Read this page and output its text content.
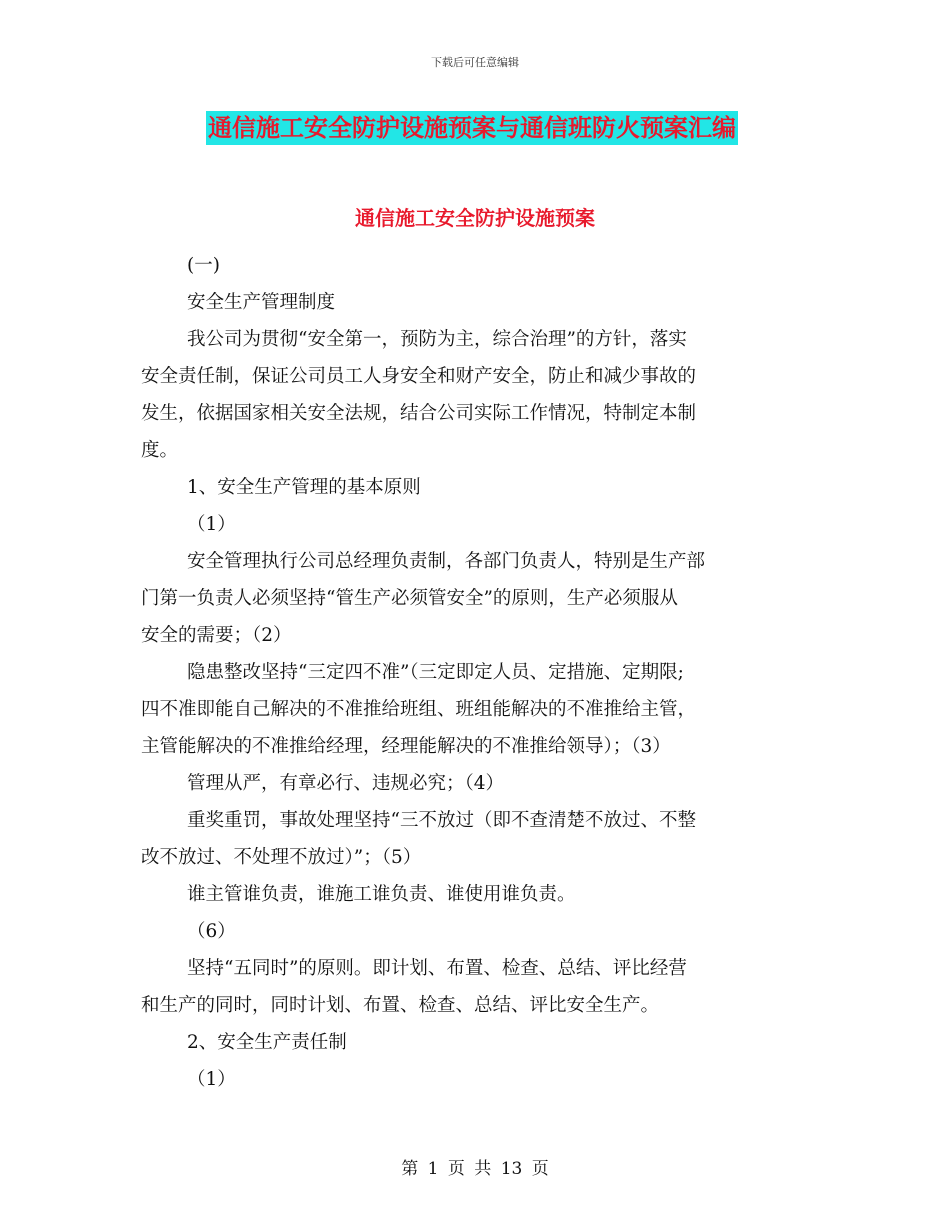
下载后可任意编辑
通信施工安全防护设施预案与通信班防火预案汇编
通信施工安全防护设施预案

(一)

安全生产管理制度

我公司为贯彻“安全第一，预防为主，综合治理”的方针，落实

安全责任制，保证公司员工人身安全和财产安全，防止和减少事故的

发生，依据国家相关安全法规，结合公司实际工作情况，特制定本制

度。

1、安全生产管理的基本原则

（1）

安全管理执行公司总经理负责制，各部门负责人，特别是生产部

门第一负责人必须坚持“管生产必须管安全”的原则，生产必须服从

安全的需要；（2）

隐患整改坚持“三定四不准”（三定即定人员、定措施、定期限;

四不准即能自己解决的不准推给班组、班组能解决的不准推给主管，

主管能解决的不准推给经理，经理能解决的不准推给领导）；（3）

管理从严，有章必行、违规必究；（4）

重奖重罚，事故处理坚持“三不放过（即不查清楚不放过、不整

改不放过、不处理不放过）”；（5）

谁主管谁负责，谁施工谁负责、谁使用谁负责。

（6）

坚持“五同时”的原则。即计划、布置、检查、总结、评比经营

和生产的同时，同时计划、布置、检查、总结、评比安全生产。

2、安全生产责任制

（1）

第 1 页 共 13 页
